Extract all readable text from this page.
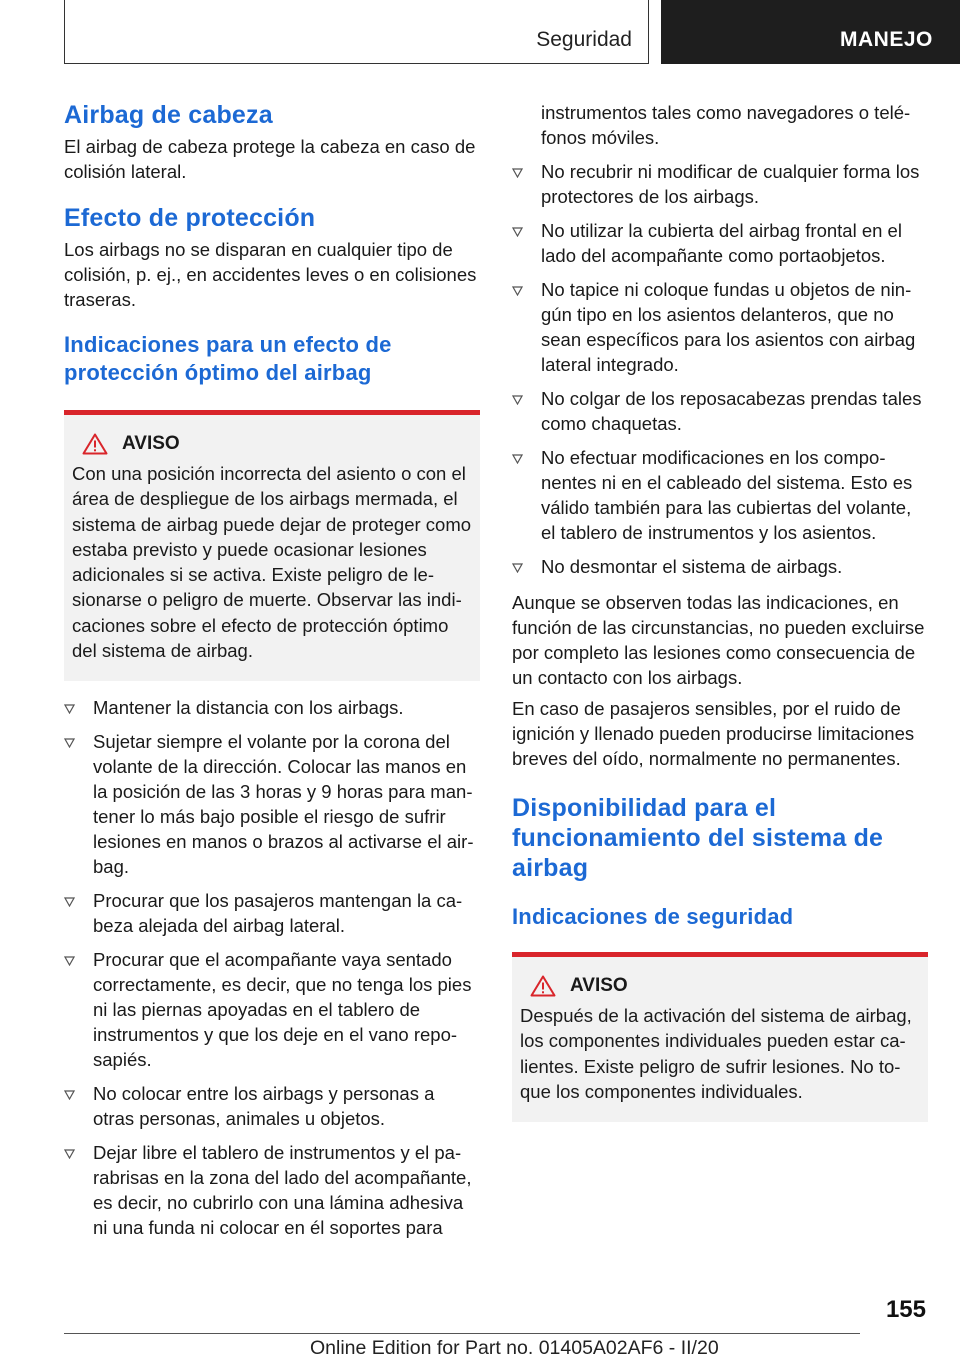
Seguridad	MANEJO
Airbag de cabeza

El airbag de cabeza protege la cabeza en caso de colisión lateral.

Efecto de protección

Los airbags no se disparan en cualquier tipo de colisión, p. ej., en accidentes leves o en colisiones traseras.

Indicaciones para un efecto de protección óptimo del airbag
AVISO

Con una posición incorrecta del asiento o con el área de despliegue de los airbags mermada, el sistema de airbag puede dejar de proteger como estaba previsto y puede ocasionar lesiones adicionales si se activa. Existe peligro de lesionarse o peligro de muerte. Observar las indicaciones sobre el efecto de protección óptimo del sistema de airbag.

Mantener la distancia con los airbags.
Sujetar siempre el volante por la corona del volante de la dirección. Colocar las manos en la posición de las 3 horas y 9 horas para mantener lo más bajo posible el riesgo de sufrir lesiones en manos o brazos al activarse el airbag.
Procurar que los pasajeros mantengan la cabeza alejada del airbag lateral.
Procurar que el acompañante vaya sentado correctamente, es decir, que no tenga los pies ni las piernas apoyadas en el tablero de instrumentos y que los deje en el vano reposapiés.
No colocar entre los airbags y personas a otras personas, animales u objetos.
Dejar libre el tablero de instrumentos y el parabrisas en la zona del lado del acompañante, es decir, no cubrirlo con una lámina adhesiva ni una funda ni colocar en él soportes para
instrumentos tales como navegadores o teléfonos móviles.
No recubrir ni modificar de cualquier forma los protectores de los airbags.
No utilizar la cubierta del airbag frontal en el lado del acompañante como portaobjetos.
No tapice ni coloque fundas u objetos de ningún tipo en los asientos delanteros, que no sean específicos para los asientos con airbag lateral integrado.
No colgar de los reposacabezas prendas tales como chaquetas.
No efectuar modificaciones en los componentes ni en el cableado del sistema. Esto es válido también para las cubiertas del volante, el tablero de instrumentos y los asientos.
No desmontar el sistema de airbags.

Aunque se observen todas las indicaciones, en función de las circunstancias, no pueden excluirse por completo las lesiones como consecuencia de un contacto con los airbags.

En caso de pasajeros sensibles, por el ruido de ignición y llenado pueden producirse limitaciones breves del oído, normalmente no permanentes.

Disponibilidad para el funcionamiento del sistema de airbag
Indicaciones de seguridad
AVISO

Después de la activación del sistema de airbag, los componentes individuales pueden estar calientes. Existe peligro de sufrir lesiones. No toque los componentes individuales.

155
Online Edition for Part no. 01405A02AF6 - II/20
